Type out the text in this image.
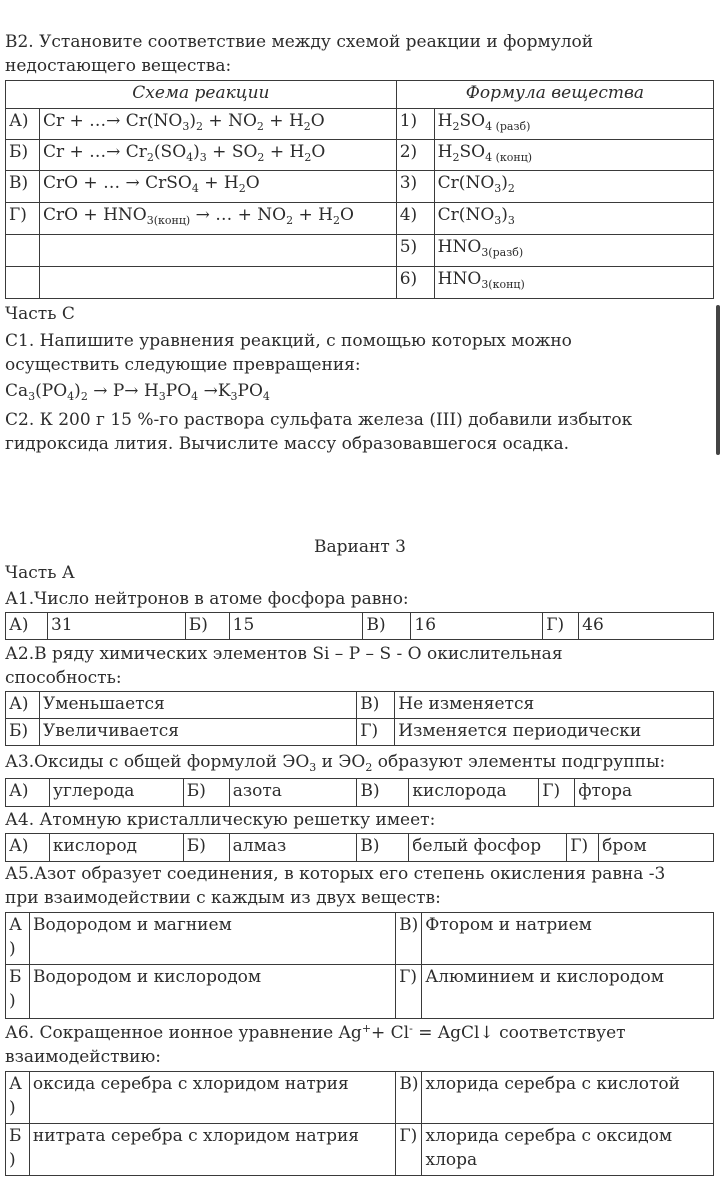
В2. Установите соответствие между схемой реакции и формулой

недостающего вещества:

Схема реакции		Формула вещества	
А)	Cr + …→ $Cr(NO_3)_2 + NO_2 + H_2O$	1)	$H_2SO_{4 (разб)}$
Б)	Cr + …→ $Cr_2(SO_4)_3 + SO_2 + H_2O$	2)	$H_2SO_{4 (конц)}$
В)	CrO + … → CrSO$_4$ + $H_2O$	3)	$Cr(NO_3)_2$
Г)	CrO + $HNO_{3(конц)}$ → … + $NO_2 + H_2O$	4)	$Cr(NO_3)_3$
		5)	$HNO_{3(разб)}$
		6)	$HNO_{3(конц)}$

Часть С

С1. Напишите уравнения реакций, с помощью которых можно

осуществить следующие превращения:

$Ca_3(PO_4)_2 \to P\to H_3PO_4 \to K_3PO_4$

С2. К 200 г 15 %-го раствора сульфата железа (III) добавили избыток

гидроксида лития. Вычислите массу образовавшегося осадка.

Вариант 3

Часть А

А1.Число нейтронов в атоме фосфора равно:

А)	31	Б)	15	В)	16	Г)	46

А2.В ряду химических элементов Si – P – S - O окислительная

способность:

А)	Уменьшается	В)	Не изменяется
Б)	Увеличивается	Г)	Изменяется периодически

А3.Оксиды с общей формулой $ЭО_3$ и $ЭО_2$ образуют элементы подгруппы:

А)	углерода	Б)	азота	В)	кислорода	Г)	фтора

А4. Атомную кристаллическую решетку имеет:

А)	кислород	Б)	алмаз	В)	белый фосфор	Г)	бром

А5.Азот образует соединения, в которых его степень окисления равна -3

при взаимодействии с каждым из двух веществ:

А
)	Водородом и магнием	В)	Фтором и натрием
Б
)	Водородом и кислородом	Г)	Алюминием и кислородом

А6. Сокращенное ионное уравнение Ag++ Cl- = AgCl↓ соответствует

взаимодействию:

А
)	оксида серебра с хлоридом натрия	В)	хлорида серебра с кислотой
Б
)	нитрата серебра с хлоридом натрия	Г)	хлорида серебра с оксидом
хлора
